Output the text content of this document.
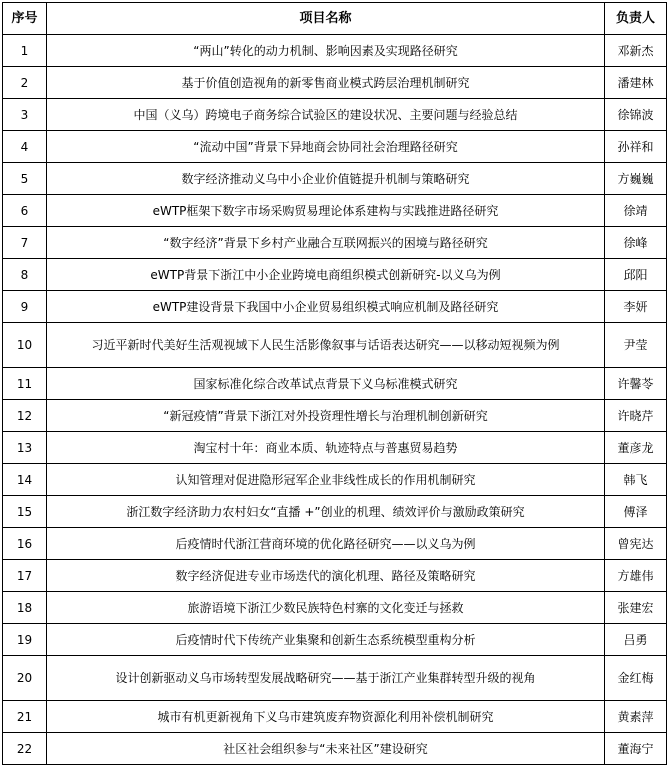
序号	项目名称	负责人
1	“两山”转化的动力机制、影响因素及实现路径研究	邓新杰
2	基于价值创造视角的新零售商业模式跨层治理机制研究	潘建林
3	中国（义乌）跨境电子商务综合试验区的建设状况、主要问题与经验总结	徐锦波
4	“流动中国”背景下异地商会协同社会治理路径研究	孙祥和
5	数字经济推动义乌中小企业价值链提升机制与策略研究	方巍巍
6	eWTP框架下数字市场采购贸易理论体系建构与实践推进路径研究	徐靖
7	“数字经济”背景下乡村产业融合互联网振兴的困境与路径研究	徐峰
8	eWTP背景下浙江中小企业跨境电商组织模式创新研究-以义乌为例	邱阳
9	eWTP建设背景下我国中小企业贸易组织模式响应机制及路径研究	李妍
10	习近平新时代美好生活观视域下人民生活影像叙事与话语表达研究——以移动短视频为例	尹莹
11	国家标准化综合改革试点背景下义乌标准模式研究	许馨苓
12	“新冠疫情”背景下浙江对外投资理性增长与治理机制创新研究	许晓芹
13	淘宝村十年：商业本质、轨迹特点与普惠贸易趋势	董彦龙
14	认知管理对促进隐形冠军企业非线性成长的作用机制研究	韩飞
15	浙江数字经济助力农村妇女“直播 +”创业的机理、绩效评价与激励政策研究	傅泽
16	后疫情时代浙江营商环境的优化路径研究——以义乌为例	曾宪达
17	数字经济促进专业市场迭代的演化机理、路径及策略研究	方雄伟
18	旅游语境下浙江少数民族特色村寨的文化变迁与拯救	张建宏
19	后疫情时代下传统产业集聚和创新生态系统模型重构分析	吕勇
20	设计创新驱动义乌市场转型发展战略研究——基于浙江产业集群转型升级的视角	金红梅
21	城市有机更新视角下义乌市建筑废弃物资源化利用补偿机制研究	黄素萍
22	社区社会组织参与“未来社区”建设研究	董海宁
